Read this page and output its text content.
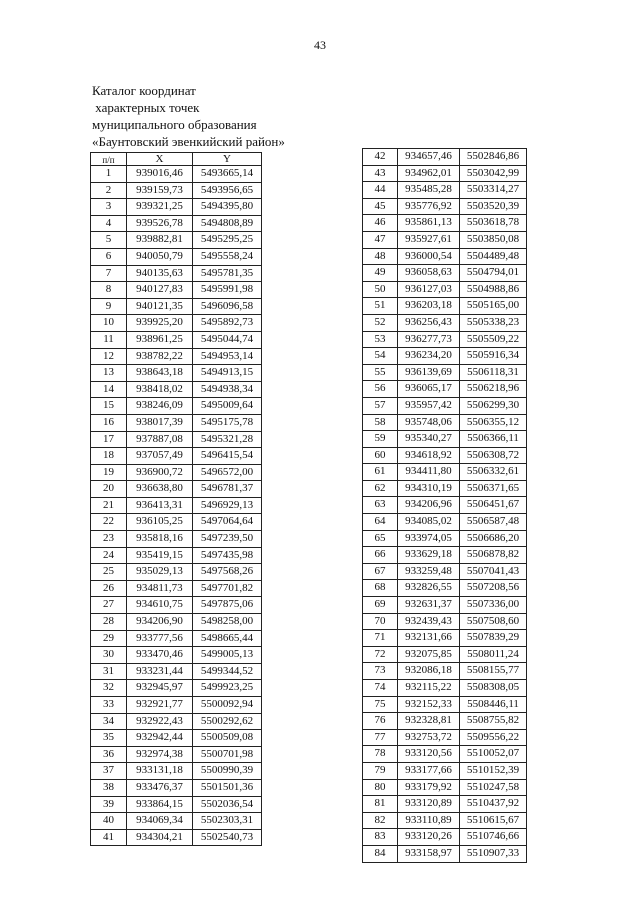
43
Каталог координат
характерных точек
муниципального образования
«Баунтовский эвенкийский район»
п/п	X	Y

1	939016,46	5493665,14
2	939159,73	5493956,65
3	939321,25	5494395,80
4	939526,78	5494808,89
5	939882,81	5495295,25
6	940050,79	5495558,24
7	940135,63	5495781,35
8	940127,83	5495991,98
9	940121,35	5496096,58
10	939925,20	5495892,73
11	938961,25	5495044,74
12	938782,22	5494953,14
13	938643,18	5494913,15
14	938418,02	5494938,34
15	938246,09	5495009,64
16	938017,39	5495175,78
17	937887,08	5495321,28
18	937057,49	5496415,54
19	936900,72	5496572,00
20	936638,80	5496781,37
21	936413,31	5496929,13
22	936105,25	5497064,64
23	935818,16	5497239,50
24	935419,15	5497435,98
25	935029,13	5497568,26
26	934811,73	5497701,82
27	934610,75	5497875,06
28	934206,90	5498258,00
29	933777,56	5498665,44
30	933470,46	5499005,13
31	933231,44	5499344,52
32	932945,97	5499923,25
33	932921,77	5500092,94
34	932922,43	5500292,62
35	932942,44	5500509,08
36	932974,38	5500701,98
37	933131,18	5500990,39
38	933476,37	5501501,36
39	933864,15	5502036,54
40	934069,34	5502303,31
41	934304,21	5502540,73
42	934657,46	5502846,86
43	934962,01	5503042,99
44	935485,28	5503314,27
45	935776,92	5503520,39
46	935861,13	5503618,78
47	935927,61	5503850,08
48	936000,54	5504489,48
49	936058,63	5504794,01
50	936127,03	5504988,86
51	936203,18	5505165,00
52	936256,43	5505338,23
53	936277,73	5505509,22
54	936234,20	5505916,34
55	936139,69	5506118,31
56	936065,17	5506218,96
57	935957,42	5506299,30
58	935748,06	5506355,12
59	935340,27	5506366,11
60	934618,92	5506308,72
61	934411,80	5506332,61
62	934310,19	5506371,65
63	934206,96	5506451,67
64	934085,02	5506587,48
65	933974,05	5506686,20
66	933629,18	5506878,82
67	933259,48	5507041,43
68	932826,55	5507208,56
69	932631,37	5507336,00
70	932439,43	5507508,60
71	932131,66	5507839,29
72	932075,85	5508011,24
73	932086,18	5508155,77
74	932115,22	5508308,05
75	932152,33	5508446,11
76	932328,81	5508755,82
77	932753,72	5509556,22
78	933120,56	5510052,07
79	933177,66	5510152,39
80	933179,92	5510247,58
81	933120,89	5510437,92
82	933110,89	5510615,67
83	933120,26	5510746,66
84	933158,97	5510907,33
